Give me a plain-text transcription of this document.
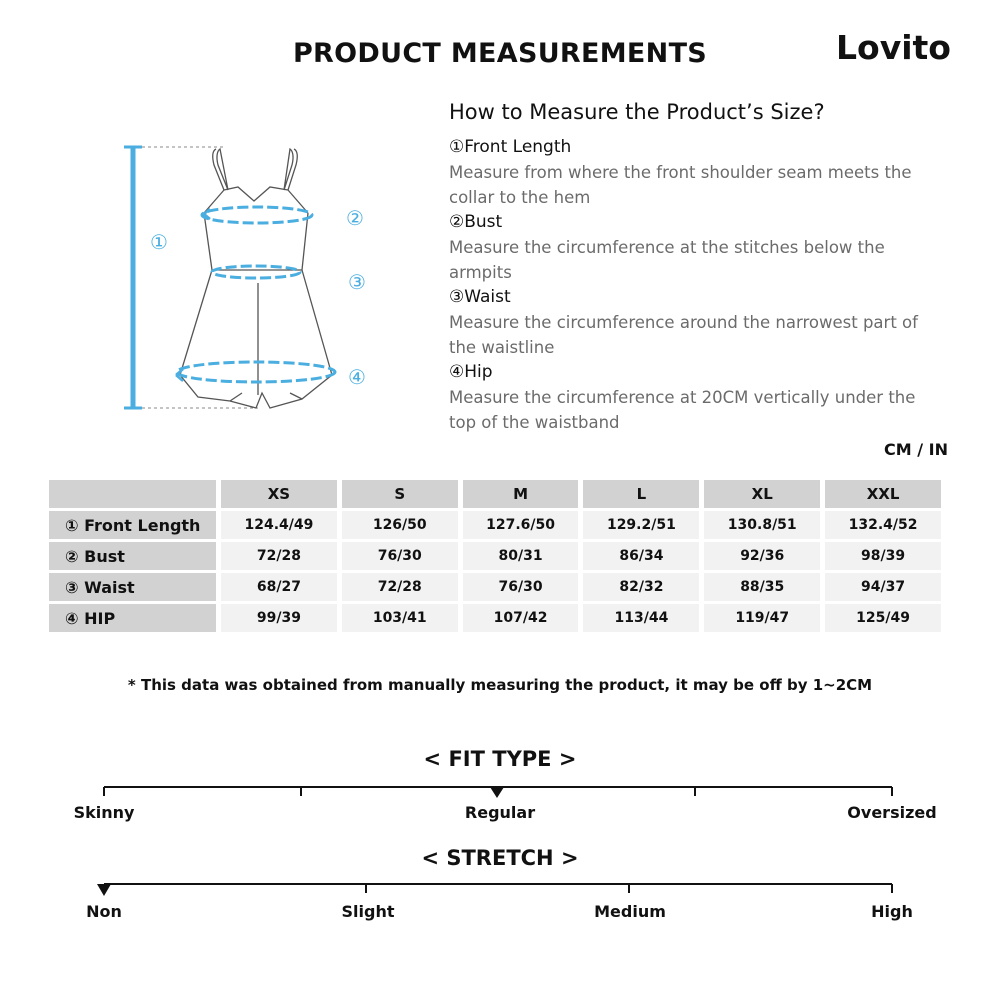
PRODUCT MEASUREMENTS	Lovito
①
②
③
④
How to Measure the Product’s Size?
①Front Length
Measure from where the front shoulder seam meets the collar to the hem
②Bust
Measure the circumference at the stitches below the armpits
③Waist
Measure the circumference around the narrowest part of the waistline
④Hip
Measure the circumference at 20CM vertically under the top of the waistband
CM / IN
	XS	S	M	L	XL	XXL
① Front Length	124.4/49	126/50	127.6/50	129.2/51	130.8/51	132.4/52
② Bust	72/28	76/30	80/31	86/34	92/36	98/39
③ Waist	68/27	72/28	76/30	82/32	88/35	94/37
④ HIP	99/39	103/41	107/42	113/44	119/47	125/49
* This data was obtained from manually measuring the product, it may be off by 1~2CM
< FIT TYPE >
Skinny	Regular	Oversized
< STRETCH >
Non	Slight	Medium	High
